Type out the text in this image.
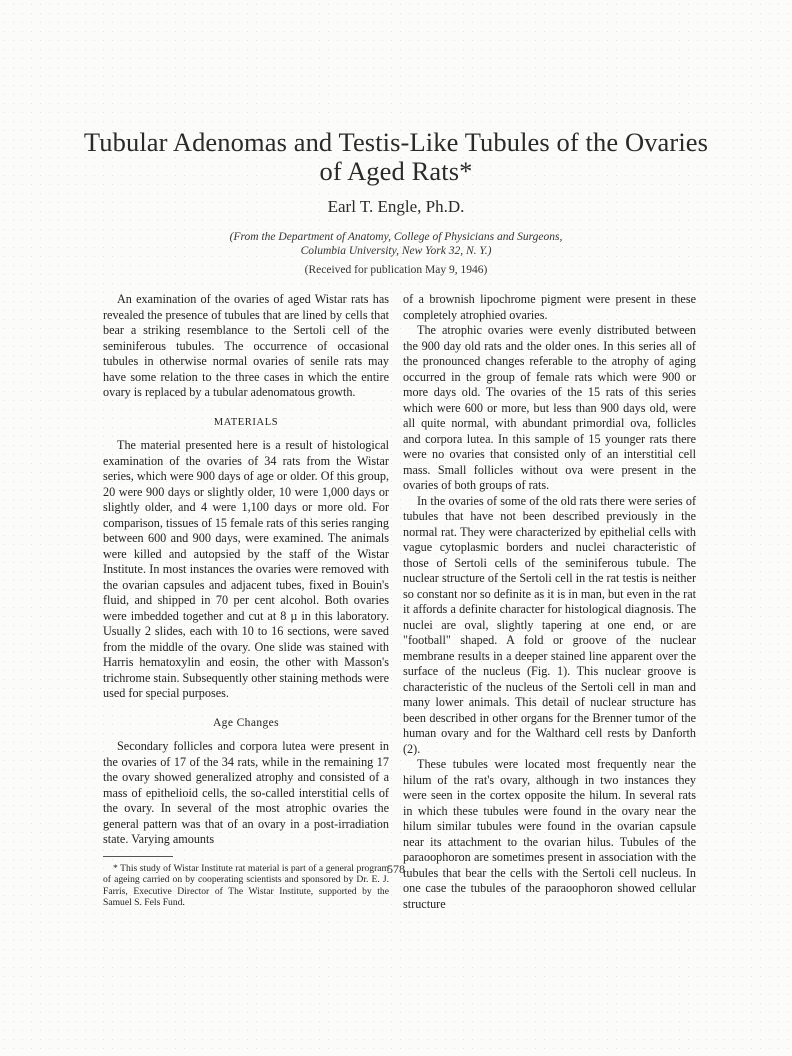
Tubular Adenomas and Testis-Like Tubules of the Ovaries of Aged Rats*
Earl T. Engle, Ph.D.
(From the Department of Anatomy, College of Physicians and Surgeons,
Columbia University, New York 32, N. Y.)
(Received for publication May 9, 1946)

An examination of the ovaries of aged Wistar rats has revealed the presence of tubules that are lined by cells that bear a striking resemblance to the Sertoli cell of the seminiferous tubules. The occurrence of occasional tubules in otherwise normal ovaries of senile rats may have some relation to the three cases in which the entire ovary is replaced by a tubular adenomatous growth.

MATERIALS

The material presented here is a result of histological examination of the ovaries of 34 rats from the Wistar series, which were 900 days of age or older. Of this group, 20 were 900 days or slightly older, 10 were 1,000 days or slightly older, and 4 were 1,100 days or more old. For comparison, tissues of 15 female rats of this series ranging between 600 and 900 days, were examined. The animals were killed and autopsied by the staff of the Wistar Institute. In most instances the ovaries were removed with the ovarian capsules and adjacent tubes, fixed in Bouin's fluid, and shipped in 70 per cent alcohol. Both ovaries were imbedded together and cut at 8 µ in this laboratory. Usually 2 slides, each with 10 to 16 sections, were saved from the middle of the ovary. One slide was stained with Harris hematoxylin and eosin, the other with Masson's trichrome stain. Subsequently other staining methods were used for special purposes.

Age Changes

Secondary follicles and corpora lutea were present in the ovaries of 17 of the 34 rats, while in the remaining 17 the ovary showed generalized atrophy and consisted of a mass of epithelioid cells, the so-called interstitial cells of the ovary. In several of the most atrophic ovaries the general pattern was that of an ovary in a post-irradiation state. Varying amounts

* This study of Wistar Institute rat material is part of a general program of ageing carried on by cooperating scientists and sponsored by Dr. E. J. Farris, Executive Director of The Wistar Institute, supported by the Samuel S. Fels Fund.

of a brownish lipochrome pigment were present in these completely atrophied ovaries.

The atrophic ovaries were evenly distributed between the 900 day old rats and the older ones. In this series all of the pronounced changes referable to the atrophy of aging occurred in the group of female rats which were 900 or more days old. The ovaries of the 15 rats of this series which were 600 or more, but less than 900 days old, were all quite normal, with abundant primordial ova, follicles and corpora lutea. In this sample of 15 younger rats there were no ovaries that consisted only of an interstitial cell mass. Small follicles without ova were present in the ovaries of both groups of rats.

In the ovaries of some of the old rats there were series of tubules that have not been described previously in the normal rat. They were characterized by epithelial cells with vague cytoplasmic borders and nuclei characteristic of those of Sertoli cells of the seminiferous tubule. The nuclear structure of the Sertoli cell in the rat testis is neither so constant nor so definite as it is in man, but even in the rat it affords a definite character for histological diagnosis. The nuclei are oval, slightly tapering at one end, or are "football" shaped. A fold or groove of the nuclear membrane results in a deeper stained line apparent over the surface of the nucleus (Fig. 1). This nuclear groove is characteristic of the nucleus of the Sertoli cell in man and many lower animals. This detail of nuclear structure has been described in other organs for the Brenner tumor of the human ovary and for the Walthard cell rests by Danforth (2).

These tubules were located most frequently near the hilum of the rat's ovary, although in two instances they were seen in the cortex opposite the hilum. In several rats in which these tubules were found in the ovary near the hilum similar tubules were found in the ovarian capsule near its attachment to the ovarian hilus. Tubules of the paraoophoron are sometimes present in association with the tubules that bear the cells with the Sertoli cell nucleus. In one case the tubules of the paraoophoron showed cellular structure

578
